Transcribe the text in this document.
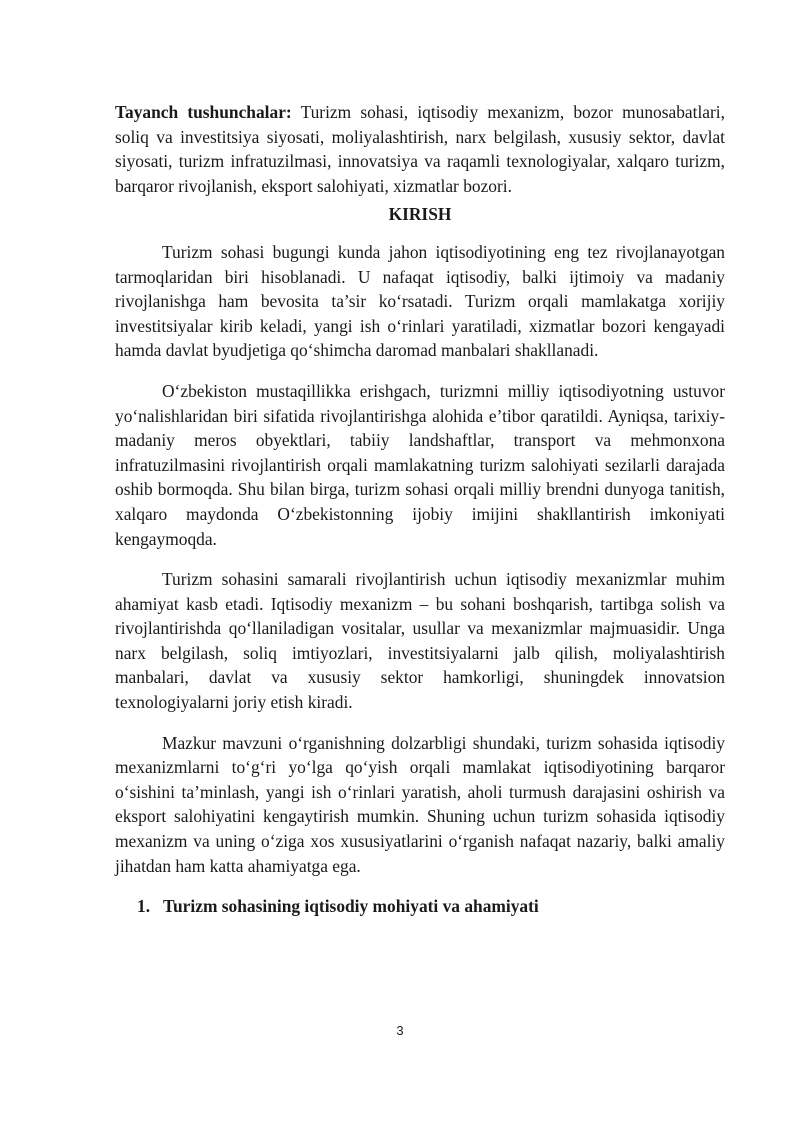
Tayanch tushunchalar: Turizm sohasi, iqtisodiy mexanizm, bozor munosabatlari, soliq va investitsiya siyosati, moliyalashtirish, narx belgilash, xususiy sektor, davlat siyosati, turizm infratuzilmasi, innovatsiya va raqamli texnologiyalar, xalqaro turizm, barqaror rivojlanish, eksport salohiyati, xizmatlar bozori.

KIRISH

Turizm sohasi bugungi kunda jahon iqtisodiyotining eng tez rivojlanayotgan tarmoqlaridan biri hisoblanadi. U nafaqat iqtisodiy, balki ijtimoiy va madaniy rivojlanishga ham bevosita ta’sir koʻrsatadi. Turizm orqali mamlakatga xorijiy investitsiyalar kirib keladi, yangi ish oʻrinlari yaratiladi, xizmatlar bozori kengayadi hamda davlat byudjetiga qoʻshimcha daromad manbalari shakllanadi.

Oʻzbekiston mustaqillikka erishgach, turizmni milliy iqtisodiyotning ustuvor yoʻnalishlaridan biri sifatida rivojlantirishga alohida e’tibor qaratildi. Ayniqsa, tarixiy-madaniy meros obyektlari, tabiiy landshaftlar, transport va mehmonxona infratuzilmasini rivojlantirish orqali mamlakatning turizm salohiyati sezilarli darajada oshib bormoqda. Shu bilan birga, turizm sohasi orqali milliy brendni dunyoga tanitish, xalqaro maydonda Oʻzbekistonning ijobiy imijini shakllantirish imkoniyati kengaymoqda.

Turizm sohasini samarali rivojlantirish uchun iqtisodiy mexanizmlar muhim ahamiyat kasb etadi. Iqtisodiy mexanizm – bu sohani boshqarish, tartibga solish va rivojlantirishda qoʻllaniladigan vositalar, usullar va mexanizmlar majmuasidir. Unga narx belgilash, soliq imtiyozlari, investitsiyalarni jalb qilish, moliyalashtirish manbalari, davlat va xususiy sektor hamkorligi, shuningdek innovatsion texnologiyalarni joriy etish kiradi.

Mazkur mavzuni oʻrganishning dolzarbligi shundaki, turizm sohasida iqtisodiy mexanizmlarni toʻgʻri yoʻlga qoʻyish orqali mamlakat iqtisodiyotining barqaror oʻsishini ta’minlash, yangi ish oʻrinlari yaratish, aholi turmush darajasini oshirish va eksport salohiyatini kengaytirish mumkin. Shuning uchun turizm sohasida iqtisodiy mexanizm va uning oʻziga xos xususiyatlarini oʻrganish nafaqat nazariy, balki amaliy jihatdan ham katta ahamiyatga ega.

1. Turizm sohasining iqtisodiy mohiyati va ahamiyati

3
